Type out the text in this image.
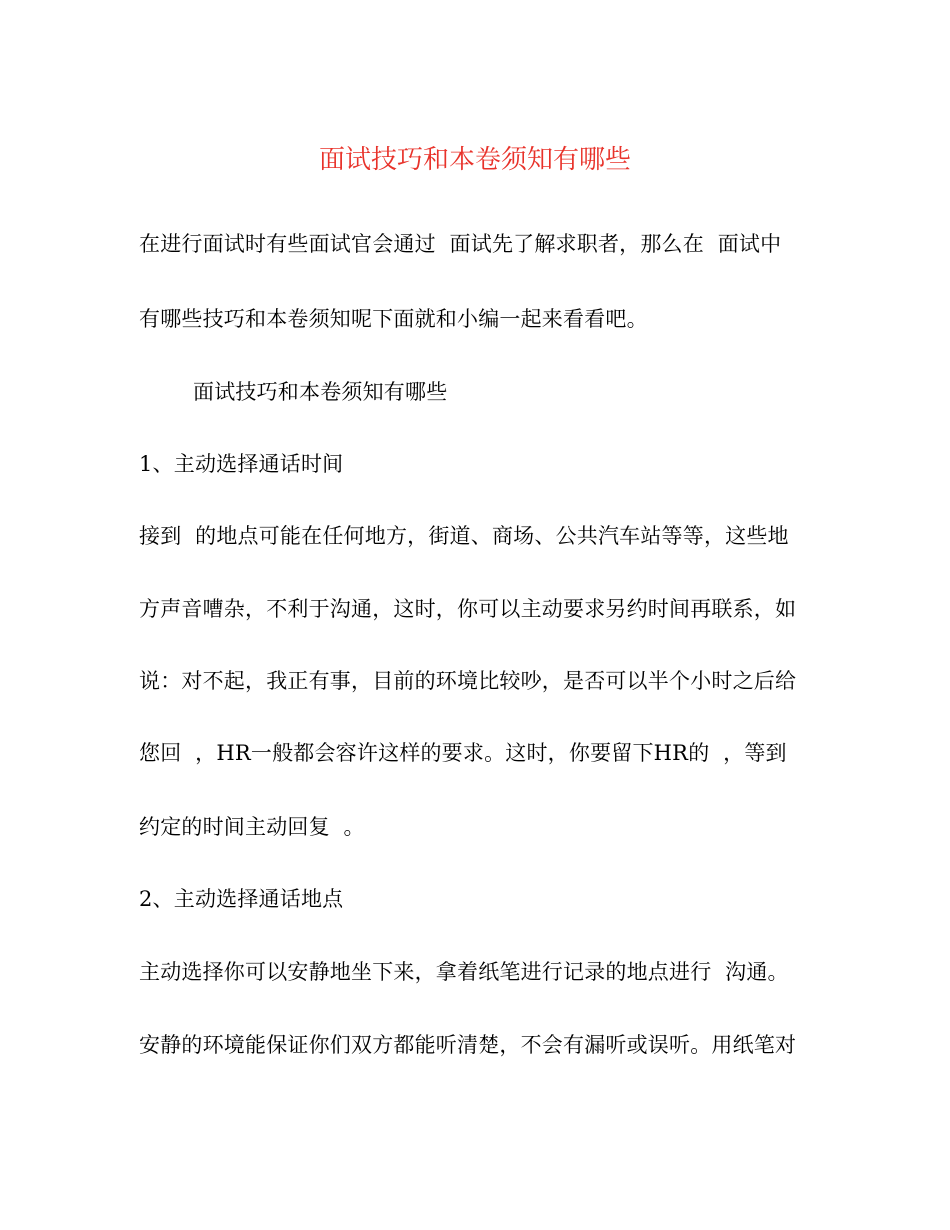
面试技巧和本卷须知有哪些
在进行面试时有些面试官会通过  面试先了解求职者，那么在  面试中
有哪些技巧和本卷须知呢下面就和小编一起来看看吧。
面试技巧和本卷须知有哪些
1、主动选择通话时间
接到  的地点可能在任何地方，街道、商场、公共汽车站等等，这些地
方声音嘈杂，不利于沟通，这时，你可以主动要求另约时间再联系，如
说：对不起，我正有事，目前的环境比较吵，是否可以半个小时之后给
您回  ，HR一般都会容许这样的要求。这时，你要留下HR的  ，等到
约定的时间主动回复  。
2、主动选择通话地点
主动选择你可以安静地坐下来，拿着纸笔进行记录的地点进行  沟通。
安静的环境能保证你们双方都能听清楚，不会有漏听或误听。用纸笔对
